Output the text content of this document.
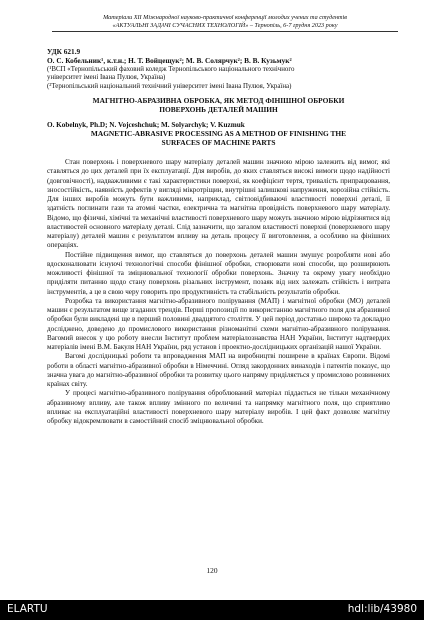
Матеріали XII Міжнародної науково-практичної конференції молодих учених та студентів
«АКТУАЛЬНІ ЗАДАЧІ СУЧАСНИХ ТЕХНОЛОГІЙ» – Тернопіль, 6-7 грудня 2023 року
УДК 621.9
О. С. Кобельник¹, к.т.н.; Н. Т. Войцещук²; М. В. Солярчук²; В. В. Кузьмук²
(¹ВСП «Тернопільський фаховий коледж Тернопільського національного технічного
університет імені Івана Пулюя, Україна)
(²Тернопільський національний технічний університет імені Івана Пулюя, Україна)
МАГНІТНО-АБРАЗИВНА ОБРОБКА, ЯК МЕТОД ФІНІШНОЇ ОБРОБКИ
ПОВЕРХОНЬ ДЕТАЛЕЙ МАШИН
O. Kobelnyk, Ph.D; N. Vojceshchuk; M. Solyarchyk; V. Kuzmuk
MAGNETIC-ABRASIVE PROCESSING AS A METHOD OF FINISHING THE
SURFACES OF MACHINE PARTS
Стан поверхонь і поверхневого шару матеріалу деталей машин значною мірою залежить від вимог, які ставляться до цих деталей при їх експлуатації. Для виробів, до яких ставляться високі вимоги щодо надійності (довговічності), надважливими є такі характеристики поверхні, як коефіцієнт тертя, тривалість припрацювання, зносостійкість, наявність дефектів у вигляді мікротріщин, внутрішні залишкові напруження, корозійна стійкість. Для інших виробів можуть бути важливими, наприклад, світловідбиваючі властивості поверхні деталі, її здатність поглинати гази та атомні частки, електрична та магнітна провідність поверхневого шару матеріалу. Відомо, що фізичні, хімічні та механічні властивості поверхневого шару можуть значною мірою відрізнятися від властивостей основного матеріалу деталі. Слід зазначити, що загалом властивості поверхні (поверхневого шару матеріалу) деталей машин є результатом впливу на деталь процесу її виготовлення, а особливо на фінішних операціях.
Постійне підвищення вимог, що ставляться до поверхонь деталей машин змушує розробляти нові або вдосконалювати існуючі технологічні способи фінішної обробки, створювати нові способи, що розширюють можливості фінішної та зміцнювальної технології обробки поверхонь. Значну та окрему увагу необхідно приділяти питанню щодо стану поверхонь різальних інструмент, позаяк від них залежать стійкість і витрата інструментів, а це в свою черy говорить про продуктивність та стабільність результатів обробки.
Розробка та використання магнітно-абразивного полірування (МАП) і магнітної обробки (МО) деталей машин є результатом вище згаданих трендів. Перші пропозиції по використанню магнітного поля для абразивної обробки були викладені ще в перший половині двадцятого століття. У цей період достатньо широко та докладно досліджено, доведено до промислового використання різноманітні схеми магнітно-абразивного полірування. Вагомий внесок у цю роботу внесли Інститут проблем матеріалознавства НАН України, Інститут надтвердих матеріалів імені В.М. Бакуля НАН України, ряд установ і проектно-дослідницьких організацій нашої України.
Вагомі дослідницькі роботи та впровадження МАП на виробництві поширене в країнах Європи. Відомі роботи в області магнітно-абразивної обробки в Німеччині. Огляд закордонних винаходів і патентів показує, що значна увага до магнітно-абразивної обробки та розвитку цього напряму приділяється у промислово розвинених країнах світу.
У процесі магнітно-абразивного полірування оброблюваний матеріал піддається не тільки механічному абразивному впливу, але також впливу змінного по величині та напрямку магнітного поля, що сприятливо впливає на експлуатаційні властивості поверхневого шару матеріалу виробів. І цей факт дозволяє магнітну обробку відокремлювати в самостійний спосіб зміцнювальної обробки.
120
ELARTU	hdl:lib/43980
